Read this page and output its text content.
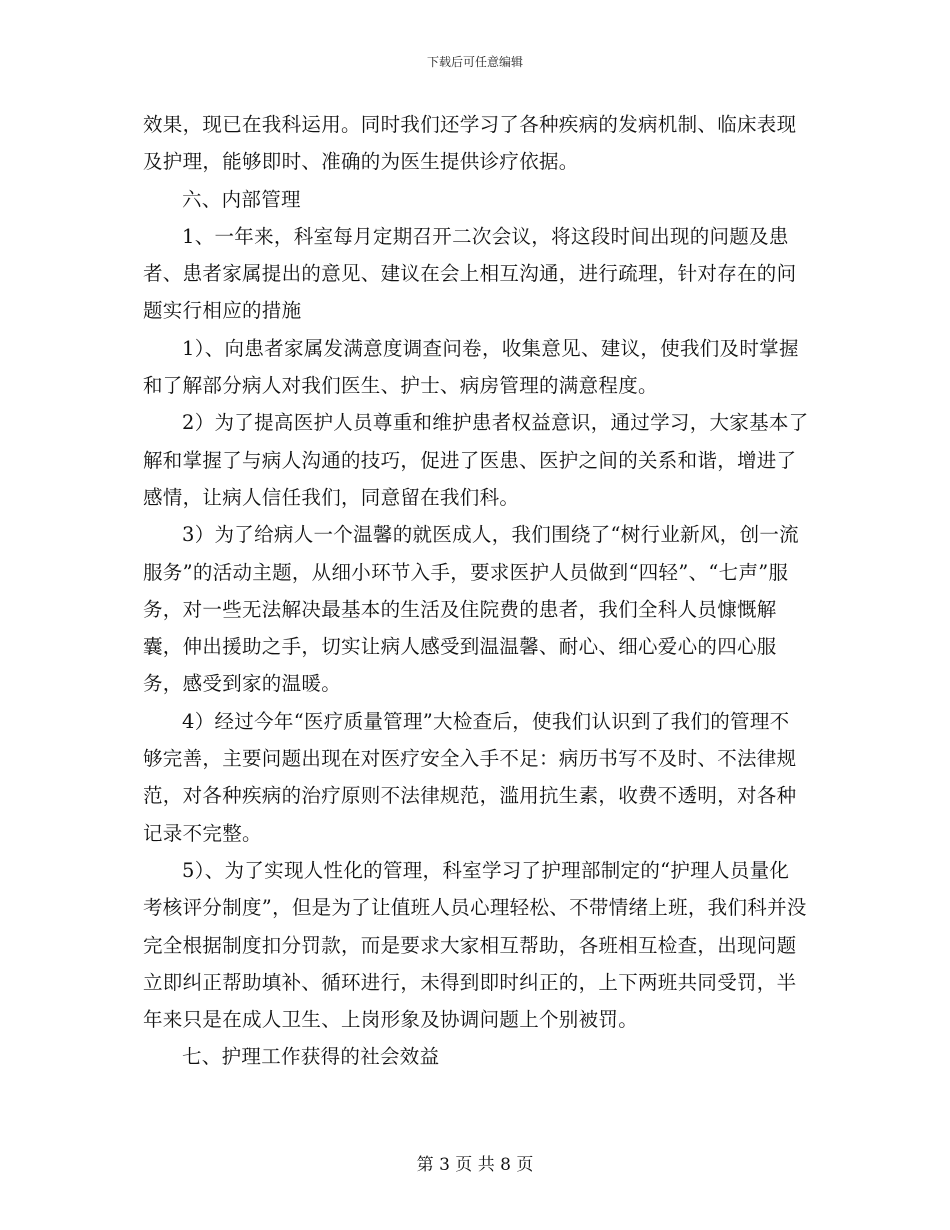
下载后可任意编辑

效果，现已在我科运用。同时我们还学习了各种疾病的发病机制、临床表现及护理，能够即时、准确的为医生提供诊疗依据。

六、内部管理

1、一年来，科室每月定期召开二次会议，将这段时间出现的问题及患者、患者家属提出的意见、建议在会上相互沟通，进行疏理，针对存在的问题实行相应的措施

1）、向患者家属发满意度调查问卷，收集意见、建议，使我们及时掌握和了解部分病人对我们医生、护士、病房管理的满意程度。

2）为了提高医护人员尊重和维护患者权益意识，通过学习，大家基本了解和掌握了与病人沟通的技巧，促进了医患、医护之间的关系和谐，增进了感情，让病人信任我们，同意留在我们科。

3）为了给病人一个温馨的就医成人，我们围绕了“树行业新风，创一流服务”的活动主题，从细小环节入手，要求医护人员做到“四轻”、“七声”服务，对一些无法解决最基本的生活及住院费的患者，我们全科人员慷慨解囊，伸出援助之手，切实让病人感受到温温馨、耐心、细心爱心的四心服务，感受到家的温暖。

4）经过今年“医疗质量管理”大检查后，使我们认识到了我们的管理不够完善，主要问题出现在对医疗安全入手不足：病历书写不及时、不法律规范，对各种疾病的治疗原则不法律规范，滥用抗生素，收费不透明，对各种记录不完整。

5）、为了实现人性化的管理，科室学习了护理部制定的“护理人员量化考核评分制度”，但是为了让值班人员心理轻松、不带情绪上班，我们科并没完全根据制度扣分罚款，而是要求大家相互帮助，各班相互检查，出现问题立即纠正帮助填补、循环进行，未得到即时纠正的，上下两班共同受罚，半年来只是在成人卫生、上岗形象及协调问题上个别被罚。

七、护理工作获得的社会效益

第 3 页 共 8 页
